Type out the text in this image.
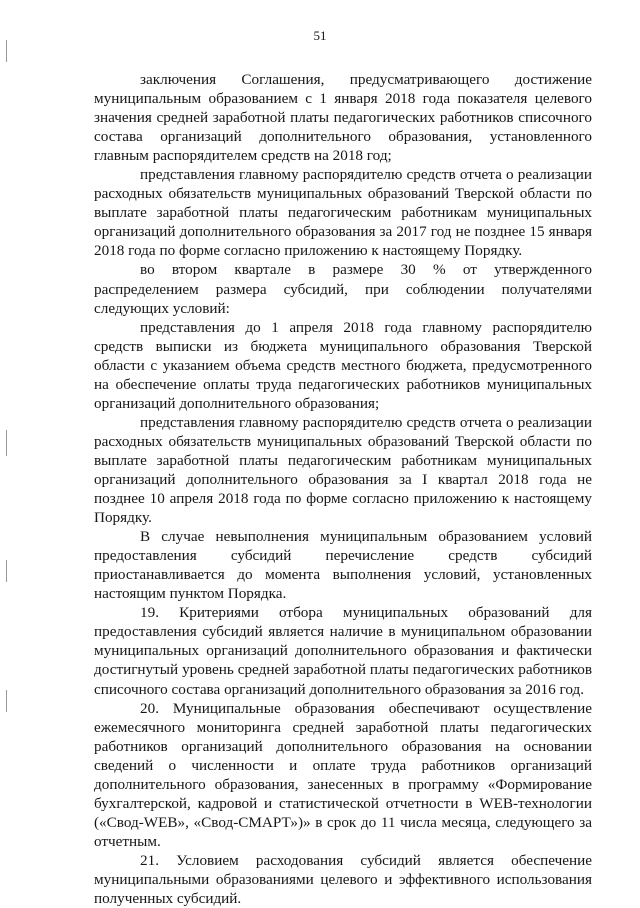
51

заключения Соглашения, предусматривающего достижение муниципальным образованием с 1 января 2018 года показателя целевого значения средней заработной платы педагогических работников списочного состава организаций дополнительного образования, установленного главным распорядителем средств на 2018 год;

представления главному распорядителю средств отчета о реализации расходных обязательств муниципальных образований Тверской области по выплате заработной платы педагогическим работникам муниципальных организаций дополнительного образования за 2017 год не позднее 15 января 2018 года по форме согласно приложению к настоящему Порядку.

во втором квартале в размере 30 % от утвержденного распределением размера субсидий, при соблюдении получателями следующих условий:

представления до 1 апреля 2018 года главному распорядителю средств выписки из бюджета муниципального образования Тверской области с указанием объема средств местного бюджета, предусмотренного на обеспечение оплаты труда педагогических работников муниципальных организаций дополнительного образования;

представления главному распорядителю средств отчета о реализации расходных обязательств муниципальных образований Тверской области по выплате заработной платы педагогическим работникам муниципальных организаций дополнительного образования за I квартал 2018 года не позднее 10 апреля 2018 года по форме согласно приложению к настоящему Порядку.

В случае невыполнения муниципальным образованием условий предоставления субсидий перечисление средств субсидий приостанавливается до момента выполнения условий, установленных настоящим пунктом Порядка.

19. Критериями отбора муниципальных образований для предоставления субсидий является наличие в муниципальном образовании муниципальных организаций дополнительного образования и фактически достигнутый уровень средней заработной платы педагогических работников списочного состава организаций дополнительного образования за 2016 год.

20. Муниципальные образования обеспечивают осуществление ежемесячного мониторинга средней заработной платы педагогических работников организаций дополнительного образования на основании сведений о численности и оплате труда работников организаций дополнительного образования, занесенных в программу «Формирование бухгалтерской, кадровой и статистической отчетности в WEB-технологии («Свод-WEB», «Свод-СМАРТ»)» в срок до 11 числа месяца, следующего за отчетным.

21. Условием расходования субсидий является обеспечение муниципальными образованиями целевого и эффективного использования полученных субсидий.
